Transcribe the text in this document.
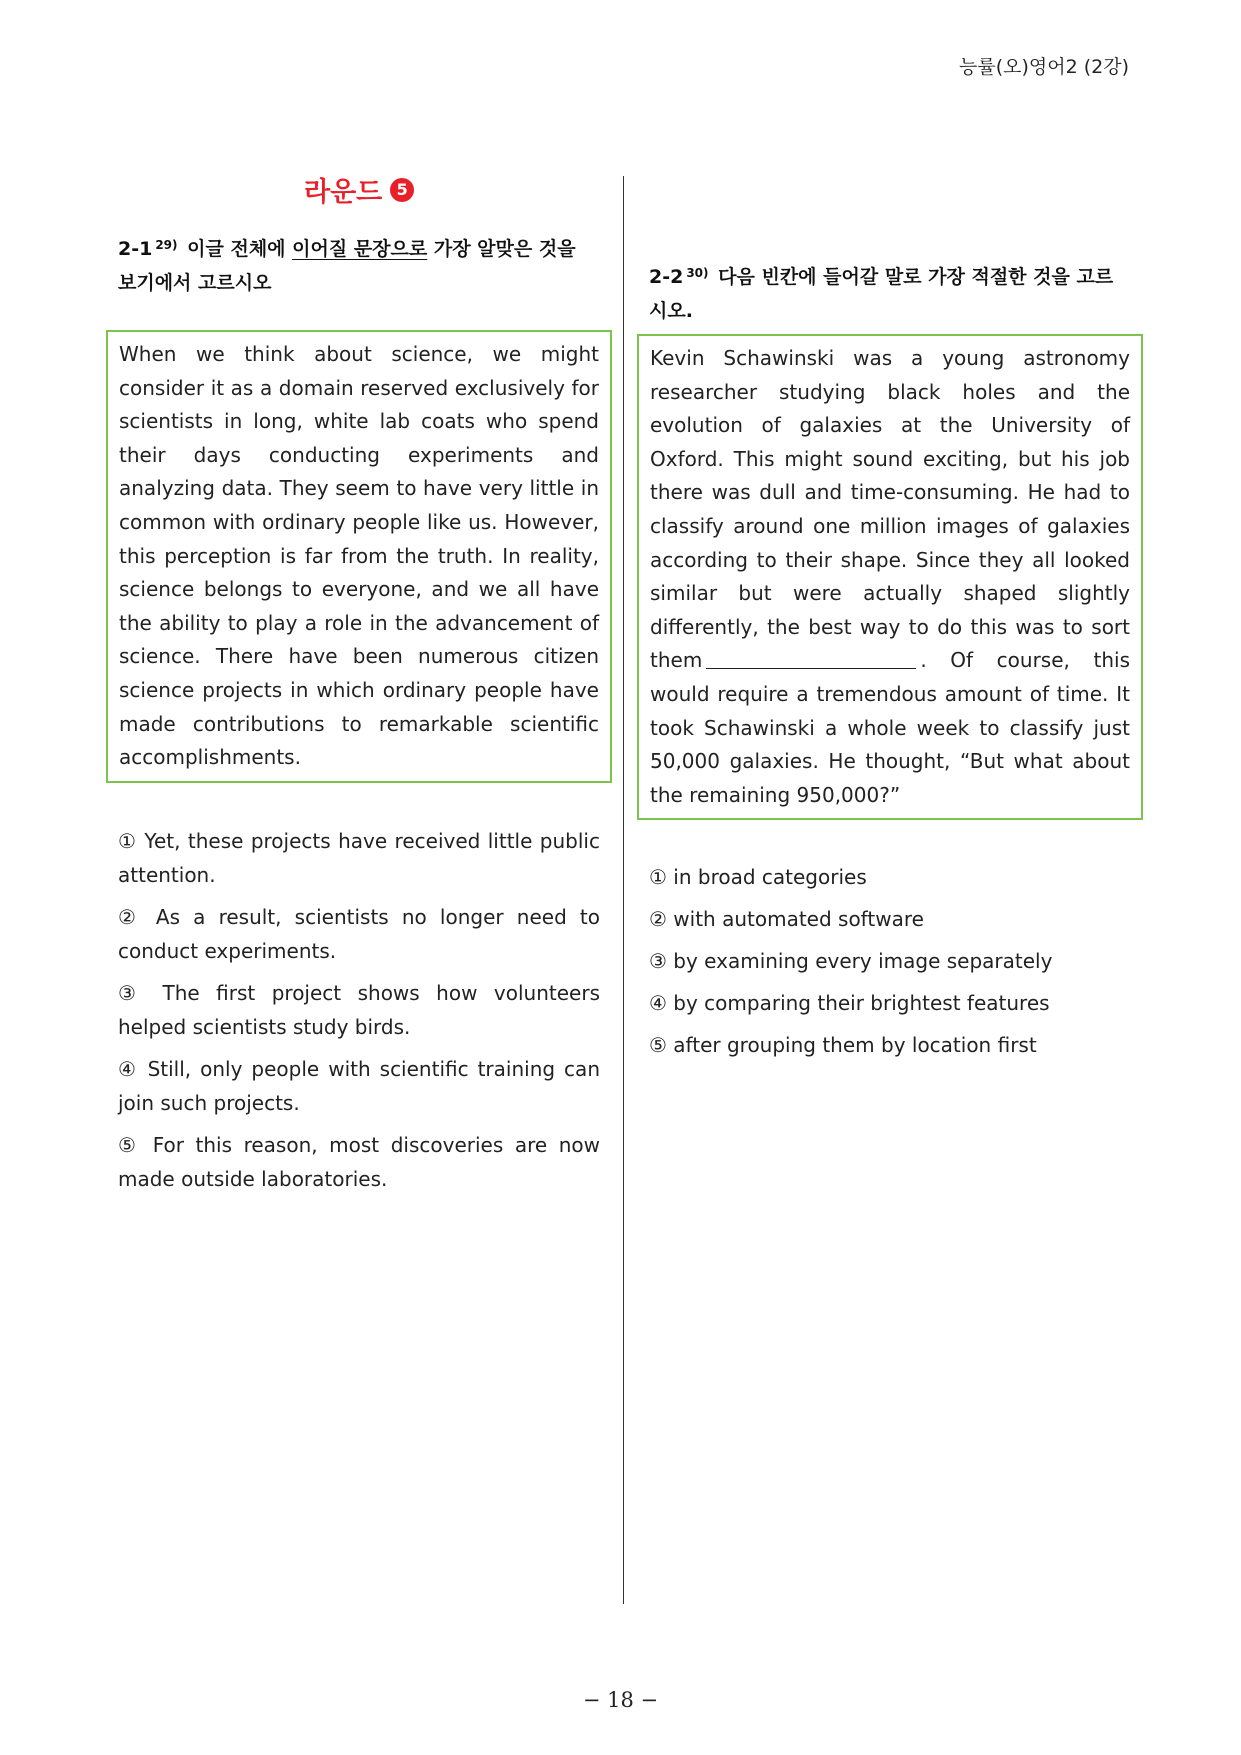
능률(오)영어2 (2강)
라운드 5
2-1 $^{29)}$ 이글 전체에 이어질 문장으로 가장 알맞은 것을 보기에서 고르시오
When we think about science, we might consider it as a domain reserved exclusively for scientists in long, white lab coats who spend their days conducting experiments and analyzing data. They seem to have very little in common with ordinary people like us. However, this perception is far from the truth. In reality, science belongs to everyone, and we all have the ability to play a role in the advancement of science. There have been numerous citizen science projects in which ordinary people have made contributions to remarkable scientific accomplishments.
① Yet, these projects have received little public attention.
② As a result, scientists no longer need to conduct experiments.
③ The first project shows how volunteers helped scientists study birds.
④ Still, only people with scientific training can join such projects.
⑤ For this reason, most discoveries are now made outside laboratories.
2-2 $^{30)}$ 다음 빈칸에 들어갈 말로 가장 적절한 것을 고르시오.
Kevin Schawinski was a young astronomy researcher studying black holes and the evolution of galaxies at the University of Oxford. This might sound exciting, but his job there was dull and time-consuming. He had to classify around one million images of galaxies according to their shape. Since they all looked similar but were actually shaped slightly differently, the best way to do this was to sort them	. Of course, this would require a tremendous amount of time. It took Schawinski a whole week to classify just 50,000 galaxies. He thought, “But what about the remaining 950,000?”
① in broad categories
② with automated software
③ by examining every image separately
④ by comparing their brightest features
⑤ after grouping them by location first
− 18 −
